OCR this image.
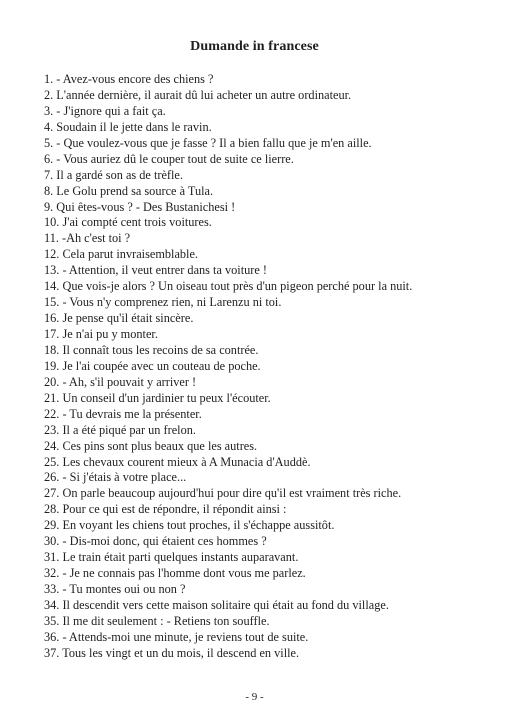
Dumande in francese
1. - Avez-vous encore des chiens ?
2. L'année dernière, il aurait dû lui acheter un autre ordinateur.
3. - J'ignore qui a fait ça.
4. Soudain il le jette dans le ravin.
5. - Que voulez-vous que je fasse ? Il a bien fallu que je m'en aille.
6. - Vous auriez dû le couper tout de suite ce lierre.
7. Il a gardé son as de trèfle.
8. Le Golu prend sa source à Tula.
9. Qui êtes-vous ? - Des Bustanichesi !
10. J'ai compté cent trois voitures.
11. -Ah c'est toi ?
12. Cela parut invraisemblable.
13. - Attention, il veut entrer dans ta voiture !
14. Que vois-je alors ? Un oiseau tout près d'un pigeon perché pour la nuit.
15. - Vous n'y comprenez rien, ni Larenzu ni toi.
16. Je pense qu'il était sincère.
17. Je n'ai pu y monter.
18. Il connaît tous les recoins de sa contrée.
19. Je l'ai coupée avec un couteau de poche.
20. - Ah, s'il pouvait y arriver !
21. Un conseil d'un jardinier tu peux l'écouter.
22. - Tu devrais me la présenter.
23. Il a été piqué par un frelon.
24. Ces pins sont plus beaux que les autres.
25. Les chevaux courent mieux à A Munacia d'Auddè.
26. - Si j'étais à votre place...
27. On parle beaucoup aujourd'hui pour dire qu'il est vraiment très riche.
28. Pour ce qui est de répondre, il répondit ainsi :
29. En voyant les chiens tout proches, il s'échappe aussitôt.
30. - Dis-moi donc, qui étaient ces hommes ?
31. Le train était parti quelques instants auparavant.
32. - Je ne connais pas l'homme dont vous me parlez.
33. - Tu montes oui ou non ?
34. Il descendit vers cette maison solitaire qui était au fond du village.
35. Il me dit seulement : - Retiens ton souffle.
36. - Attends-moi une minute, je reviens tout de suite.
37. Tous les vingt et un du mois, il descend en ville.
- 9 -
